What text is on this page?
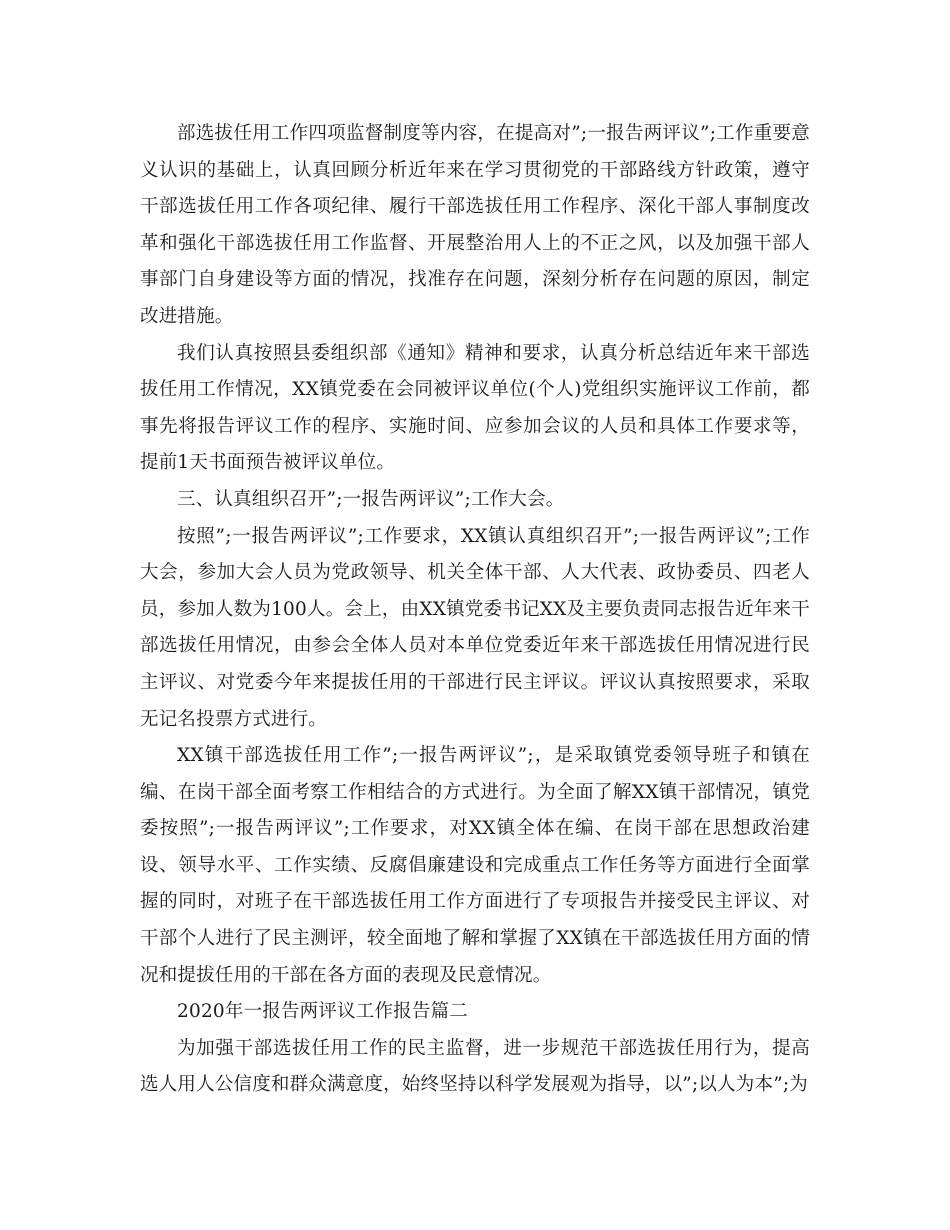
部选拔任用工作四项监督制度等内容，在提高对”;一报告两评议”;工作重要意义认识的基础上，认真回顾分析近年来在学习贯彻党的干部路线方针政策，遵守干部选拔任用工作各项纪律、履行干部选拔任用工作程序、深化干部人事制度改革和强化干部选拔任用工作监督、开展整治用人上的不正之风，以及加强干部人事部门自身建设等方面的情况，找准存在问题，深刻分析存在问题的原因，制定改进措施。

我们认真按照县委组织部《通知》精神和要求，认真分析总结近年来干部选拔任用工作情况，XX镇党委在会同被评议单位(个人)党组织实施评议工作前，都事先将报告评议工作的程序、实施时间、应参加会议的人员和具体工作要求等，提前1天书面预告被评议单位。

三、认真组织召开”;一报告两评议”;工作大会。

按照”;一报告两评议”;工作要求，XX镇认真组织召开”;一报告两评议”;工作大会，参加大会人员为党政领导、机关全体干部、人大代表、政协委员、四老人员，参加人数为100人。会上，由XX镇党委书记XX及主要负责同志报告近年来干部选拔任用情况，由参会全体人员对本单位党委近年来干部选拔任用情况进行民主评议、对党委今年来提拔任用的干部进行民主评议。评议认真按照要求，采取无记名投票方式进行。

XX镇干部选拔任用工作”;一报告两评议”;，是采取镇党委领导班子和镇在编、在岗干部全面考察工作相结合的方式进行。为全面了解XX镇干部情况，镇党委按照”;一报告两评议”;工作要求，对XX镇全体在编、在岗干部在思想政治建设、领导水平、工作实绩、反腐倡廉建设和完成重点工作任务等方面进行全面掌握的同时，对班子在干部选拔任用工作方面进行了专项报告并接受民主评议、对干部个人进行了民主测评，较全面地了解和掌握了XX镇在干部选拔任用方面的情况和提拔任用的干部在各方面的表现及民意情况。

2020年一报告两评议工作报告篇二

为加强干部选拔任用工作的民主监督，进一步规范干部选拔任用行为，提高选人用人公信度和群众满意度，始终坚持以科学发展观为指导，以”;以人为本”;为
